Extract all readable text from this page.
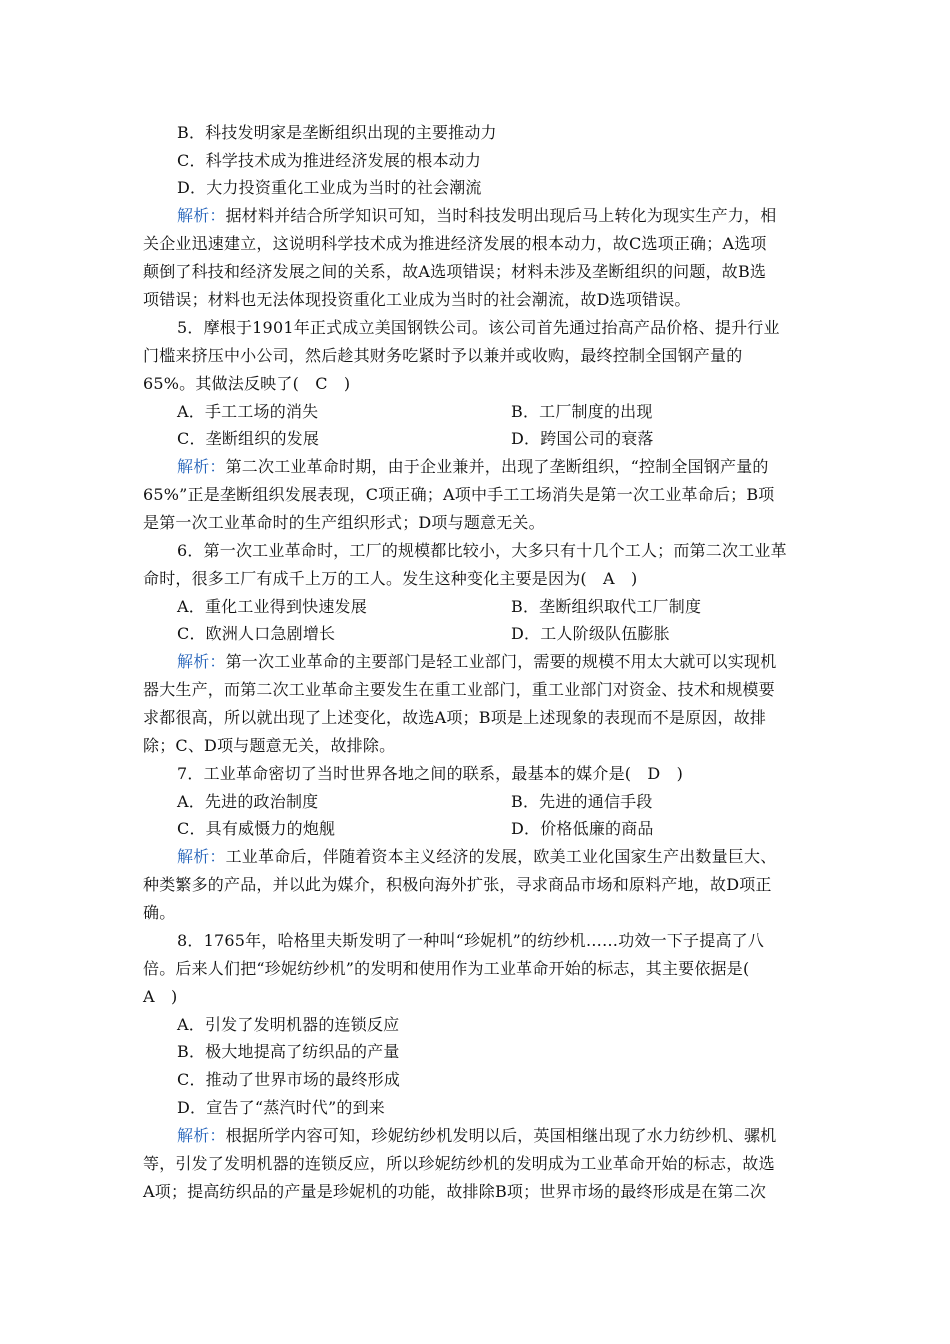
B．科技发明家是垄断组织出现的主要推动力
C．科学技术成为推进经济发展的根本动力
D．大力投资重化工业成为当时的社会潮流
解析：据材料并结合所学知识可知，当时科技发明出现后马上转化为现实生产力，相
关企业迅速建立，这说明科学技术成为推进经济发展的根本动力，故C选项正确；A选项
颠倒了科技和经济发展之间的关系，故A选项错误；材料未涉及垄断组织的问题，故B选
项错误；材料也无法体现投资重化工业成为当时的社会潮流，故D选项错误。
5．摩根于1901年正式成立美国钢铁公司。该公司首先通过抬高产品价格、提升行业
门槛来挤压中小公司，然后趁其财务吃紧时予以兼并或收购，最终控制全国钢产量的
65%。其做法反映了(　C　)
A．手工工场的消失	B．工厂制度的出现
C．垄断组织的发展	D．跨国公司的衰落
解析：第二次工业革命时期，由于企业兼并，出现了垄断组织，“控制全国钢产量的
65%”正是垄断组织发展表现，C项正确；A项中手工工场消失是第一次工业革命后；B项
是第一次工业革命时的生产组织形式；D项与题意无关。
6．第一次工业革命时，工厂的规模都比较小，大多只有十几个工人；而第二次工业革
命时，很多工厂有成千上万的工人。发生这种变化主要是因为(　A　)
A．重化工业得到快速发展	B．垄断组织取代工厂制度
C．欧洲人口急剧增长	D．工人阶级队伍膨胀
解析：第一次工业革命的主要部门是轻工业部门，需要的规模不用太大就可以实现机
器大生产，而第二次工业革命主要发生在重工业部门，重工业部门对资金、技术和规模要
求都很高，所以就出现了上述变化，故选A项；B项是上述现象的表现而不是原因，故排
除；C、D项与题意无关，故排除。
7．工业革命密切了当时世界各地之间的联系，最基本的媒介是(　D　)
A．先进的政治制度	B．先进的通信手段
C．具有威慑力的炮舰	D．价格低廉的商品
解析：工业革命后，伴随着资本主义经济的发展，欧美工业化国家生产出数量巨大、
种类繁多的产品，并以此为媒介，积极向海外扩张，寻求商品市场和原料产地，故D项正
确。
8．1765年，哈格里夫斯发明了一种叫“珍妮机”的纺纱机……功效一下子提高了八
倍。后来人们把“珍妮纺纱机”的发明和使用作为工业革命开始的标志，其主要依据是(
A　)
A．引发了发明机器的连锁反应
B．极大地提高了纺织品的产量
C．推动了世界市场的最终形成
D．宣告了“蒸汽时代”的到来
解析：根据所学内容可知，珍妮纺纱机发明以后，英国相继出现了水力纺纱机、骡机
等，引发了发明机器的连锁反应，所以珍妮纺纱机的发明成为工业革命开始的标志，故选
A项；提高纺织品的产量是珍妮机的功能，故排除B项；世界市场的最终形成是在第二次
